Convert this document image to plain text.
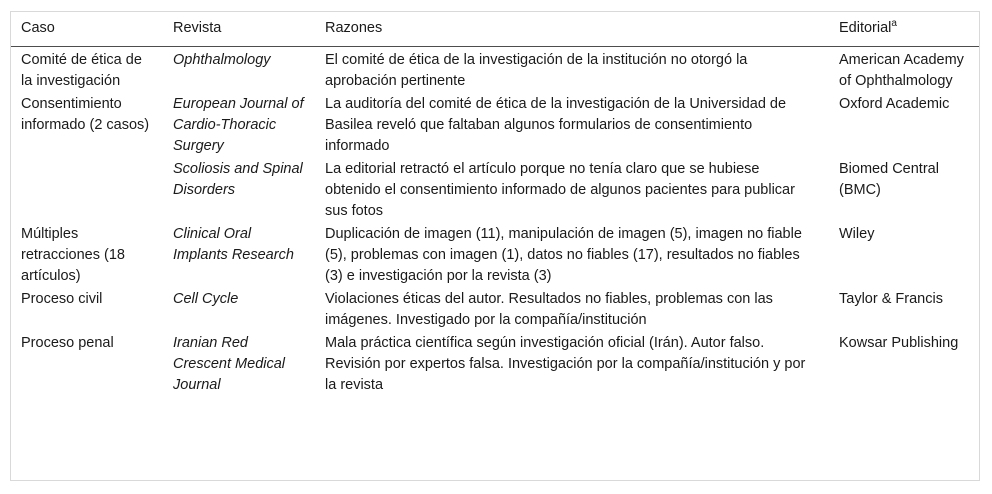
Caso	Revista	Razones	Editorial$^a$
Comité de ética de la investigación	Ophthalmology	El comité de ética de la investigación de la institución no otorgó la aprobación pertinente	American Academy of Ophthalmology
Consentimiento informado (2 casos)	European Journal of Cardio-Thoracic Surgery	La auditoría del comité de ética de la investigación de la Universidad de Basilea reveló que faltaban algunos formularios de consentimiento informado	Oxford Academic
	Scoliosis and Spinal Disorders	La editorial retractó el artículo porque no tenía claro que se hubiese obtenido el consentimiento informado de algunos pacientes para publicar sus fotos	Biomed Central (BMC)
Múltiples retracciones (18 artículos)	Clinical Oral Implants Research	Duplicación de imagen (11), manipulación de imagen (5), imagen no fiable (5), problemas con imagen (1), datos no fiables (17), resultados no fiables (3) e investigación por la revista (3)	Wiley
Proceso civil	Cell Cycle	Violaciones éticas del autor. Resultados no fiables, problemas con las imágenes. Investigado por la compañía/institución	Taylor & Francis
Proceso penal	Iranian Red Crescent Medical Journal	Mala práctica científica según investigación oficial (Irán). Autor falso. Revisión por expertos falsa. Investigación por la compañía/institución y por la revista	Kowsar Publishing
